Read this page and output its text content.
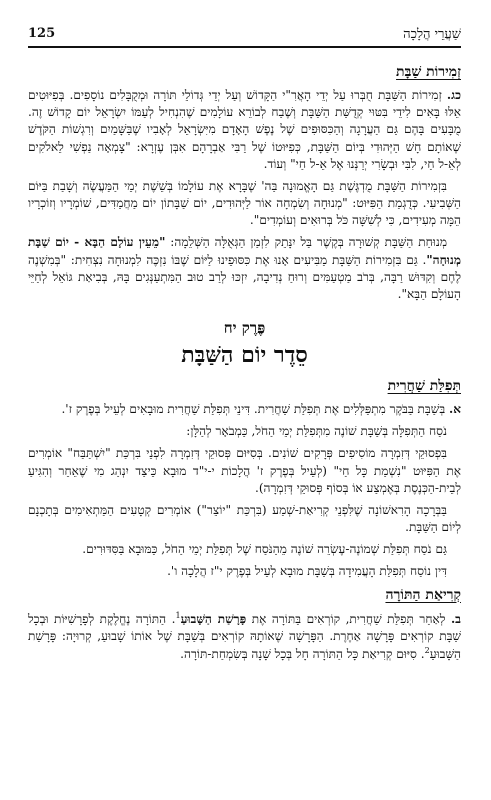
125	שַׁעֲרֵי הֲלָכָה
זְמִירוֹת שַׁבָּת

כג. זְמִירוֹת הַשַּׁבָּת חֻבְּרוּ עַל יְדֵי הָאֲרִ"י הַקָּדוֹשׁ וְעַל יְדֵי גְּדוֹלֵי תּוֹרָה וּמְקֻבָּלִים נוֹסָפִים. בְּפִיּוּטִים אֵלּוּ בָּאִים לִידֵי בִּטּוּי קְדֻשַּׁת הַשַּׁבָּת וְשֶׁבַח לְבוֹרֵא עוֹלָמִים שֶׁהִנְחִיל לְעַמּוֹ יִשְׂרָאֵל יוֹם קָדוֹשׁ זֶה. מֻבָּעִים בָּהֶם גַּם הַעֲרָגָה וְהַכִּסּוּפִים שֶׁל נֶפֶשׁ הָאָדָם מִיִּשְׂרָאֵל לְאָבִיו שֶׁבַּשָּׁמַיִם וְרִגְשׁוֹת הַקֹּדֶשׁ שֶׁאוֹתָם חָשׁ הַיְּהוּדִי בְּיוֹם הַשַּׁבָּת, כְּפִיּוּטוֹ שֶׁל רַבִּי אַבְרָהָם אִבְּן עֶזְרָא: "צָמְאָה נַפְשִׁי לֵאלֹקִים לְאֵ-ל חַי, לִבִּי וּבְשָׂרִי יְרַנְּנוּ אֶל אֵ-ל חַי" וְעוֹד.

בִּזְמִירוֹת הַשַּׁבָּת מֻדְגֶּשֶׁת גַּם הָאֱמוּנָה בַּה' שֶׁבָּרָא אֶת עוֹלָמוֹ בְּשֵׁשֶׁת יְמֵי הַמַּעֲשֶׂה וְשָׁבַת בַּיּוֹם הַשְּׁבִיעִי. כְּדֻגְמַת הַפִּיּוּט: "מְנוּחָה וְשִׂמְחָה אוֹר לַיְּהוּדִים, יוֹם שַׁבָּתוֹן יוֹם מַחֲמַדִּים, שׁוֹמְרָיו וְזוֹכְרָיו הֵמָּה מְעִידִים, כִּי לְשִׁשָּׁה כֹּל בְּרוּאִים וְעוֹמְדִים".

מְנוּחַת הַשַּׁבָּת קְשׁוּרָה בְּקֶשֶׁר בַּל יִנָּתֵק לִזְמַן הַגְּאֻלָּה הַשְּׁלֵמָה: "מֵעֵין עוֹלָם הַבָּא - יוֹם שַׁבָּת מְנוּחָה". גַּם בִּזְמִירוֹת הַשַּׁבָּת מַבִּיעִים אָנוּ אֶת כִּסּוּפֵינוּ לַיּוֹם שֶׁבּוֹ נִזְכֶּה לִמְנוּחָה נִצְחִית: "בְּמִשְׁנֶה לֶחֶם וְקִדּוּשׁ רַבָּה, בְּרֹב מַטְעַמִּים וְרוּחַ נְדִיבָה, יִזְכּוּ לְרַב טוּב הַמִּתְעַנְּגִים בָּהּ, בְּבִיאַת גּוֹאֵל לְחַיֵּי הָעוֹלָם הַבָּא".

פֶּרֶק יח
סֵדֶר יוֹם הַשַּׁבָּת
תְּפִלַּת שַׁחֲרִית

א. בְּשַׁבָּת בַּבֹּקֶר מִתְפַּלְּלִים אֶת תְּפִלַּת שַׁחֲרִית. דִּינֵי תְּפִלַּת שַׁחֲרִית מוּבָאִים לְעֵיל בְּפֶרֶק ז'.

נֹסַח הַתְּפִלָּה בְּשַׁבָּת שׁוֹנֶה מִתְּפִלַּת יְמֵי הַחֹל, כַּמְבֹאָר לְהַלָּן:

בִּפְסוּקֵי דְּזִמְרָה מוֹסִיפִים פְּרָקִים שׁוֹנִים. בְּסִיּוּם פְּסוּקֵי דְּזִמְרָה לִפְנֵי בִּרְכַּת "יִשְׁתַּבַּח" אוֹמְרִים אֶת הַפִּיּוּט "נִשְׁמַת כָּל חַי" (לְעֵיל בְּפֶרֶק ז' הֲלָכוֹת י-י"ד מוּבָא כֵּיצַד יִנְהַג מִי שֶׁאֵחֵר וְהִגִּיעַ לְבֵית-הַכְּנֶסֶת בְּאֶמְצַע אוֹ בְּסוֹף פְּסוּקֵי דְּזִמְרָה).

בַּבְּרָכָה הָרִאשׁוֹנָה שֶׁלִּפְנֵי קְרִיאַת-שְׁמַע (בִּרְכַּת "יוֹצֵר") אוֹמְרִים קְטָעִים הַמַּתְאִימִים בְּתָכְנָם לְיוֹם הַשַּׁבָּת.

גַּם נֹסַח תְּפִלַּת שְׁמוֹנֶה-עֶשְׂרֵה שׁוֹנֶה מֵהַנֹּסַח שֶׁל תְּפִלַּת יְמֵי הַחֹל, כַּמּוּבָא בַּסִּדּוּרִים.

דִּין נוֹסַח תְּפִלַּת הָעֲמִידָה בְּשַׁבָּת מוּבָא לְעֵיל בְּפֶרֶק י"ז הֲלָכָה ו'.

קְרִיאַת הַתּוֹרָה

ב. לְאַחַר תְּפִלַּת שַׁחֲרִית, קוֹרְאִים בַּתּוֹרָה אֶת פָּרָשַׁת הַשָּׁבוּעַ$^1$. הַתּוֹרָה נֶחֱלֶקֶת לְפָרָשִׁיּוֹת וּבְכָל שַׁבָּת קוֹרְאִים פָּרָשָׁה אַחֶרֶת. הַפָּרָשָׁה שֶׁאוֹתָהּ קוֹרְאִים בְּשַׁבָּת שֶׁל אוֹתוֹ שָׁבוּעַ, קְרוּיָה: פָּרָשַׁת הַשָּׁבוּעַ$^2$. סִיּוּם קְרִיאַת כָּל הַתּוֹרָה חָל בְּכָל שָׁנָה בְּשִׂמְחַת-תּוֹרָה.
